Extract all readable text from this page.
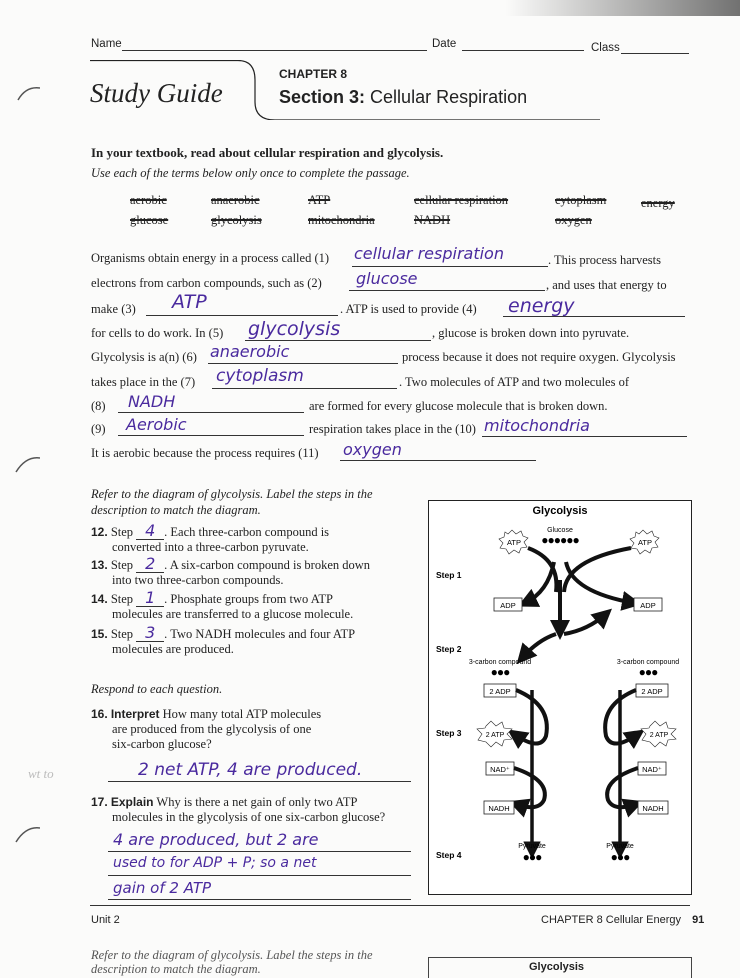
Name	Date	Class
Study Guide
CHAPTER 8
Section 3: Cellular Respiration
In your textbook, read about cellular respiration and glycolysis.
Use each of the terms below only once to complete the passage.
aerobic	anaerobic	ATP	cellular respiration	cytoplasm	energy
glucose	glycolysis	mitochondria	NADH	oxygen
Organisms obtain energy in a process called (1) cellular respiration	. This process harvests
electrons from carbon compounds, such as (2) glucose	, and uses that energy to
make (3) ATP	. ATP is used to provide (4) energy
for cells to do work. In (5) glycolysis	, glucose is broken down into pyruvate.
Glycolysis is a(n) (6) anaerobic	process because it does not require oxygen. Glycolysis
takes place in the (7) cytoplasm	. Two molecules of ATP and two molecules of
(8) NADH	are formed for every glucose molecule that is broken down.
(9) Aerobic	respiration takes place in the (10) mitochondria
It is aerobic because the process requires (11) oxygen
Refer to the diagram of glycolysis. Label the steps in the
description to match the diagram.
12. Step 4 . Each three-carbon compound is
converted into a three-carbon pyruvate.
13. Step 2 . A six-carbon compound is broken down
into two three-carbon compounds.
14. Step 1 . Phosphate groups from two ATP
molecules are transferred to a glucose molecule.
15. Step 3 . Two NADH molecules and four ATP
molecules are produced.
Respond to each question.
16. Interpret How many total ATP molecules
are produced from the glycolysis of one
six-carbon glucose?
wt to	2 net ATP, 4 are produced.
17. Explain Why is there a net gain of only two ATP
molecules in the glycolysis of one six-carbon glucose?
4 are produced, but 2 are
used to for ADP + P; so a net
gain of 2 ATP
Glycolysis
Glucose
●●●●●●
ATP	ATP
Step 1
ADP	ADP
Step 2
3-carbon compound
●●●
3-carbon compound
●●●
2 ADP	2 ADP
Step 3	2 ATP	2 ATP
NAD⁺	NAD⁺
NADH	NADH
Step 4
Pyruvate
●●●
Pyruvate
●●●
Unit 2	CHAPTER 8 Cellular Energy 91
Refer to the diagram of glycolysis. Label the steps in the
description to match the diagram.	Glycolysis
